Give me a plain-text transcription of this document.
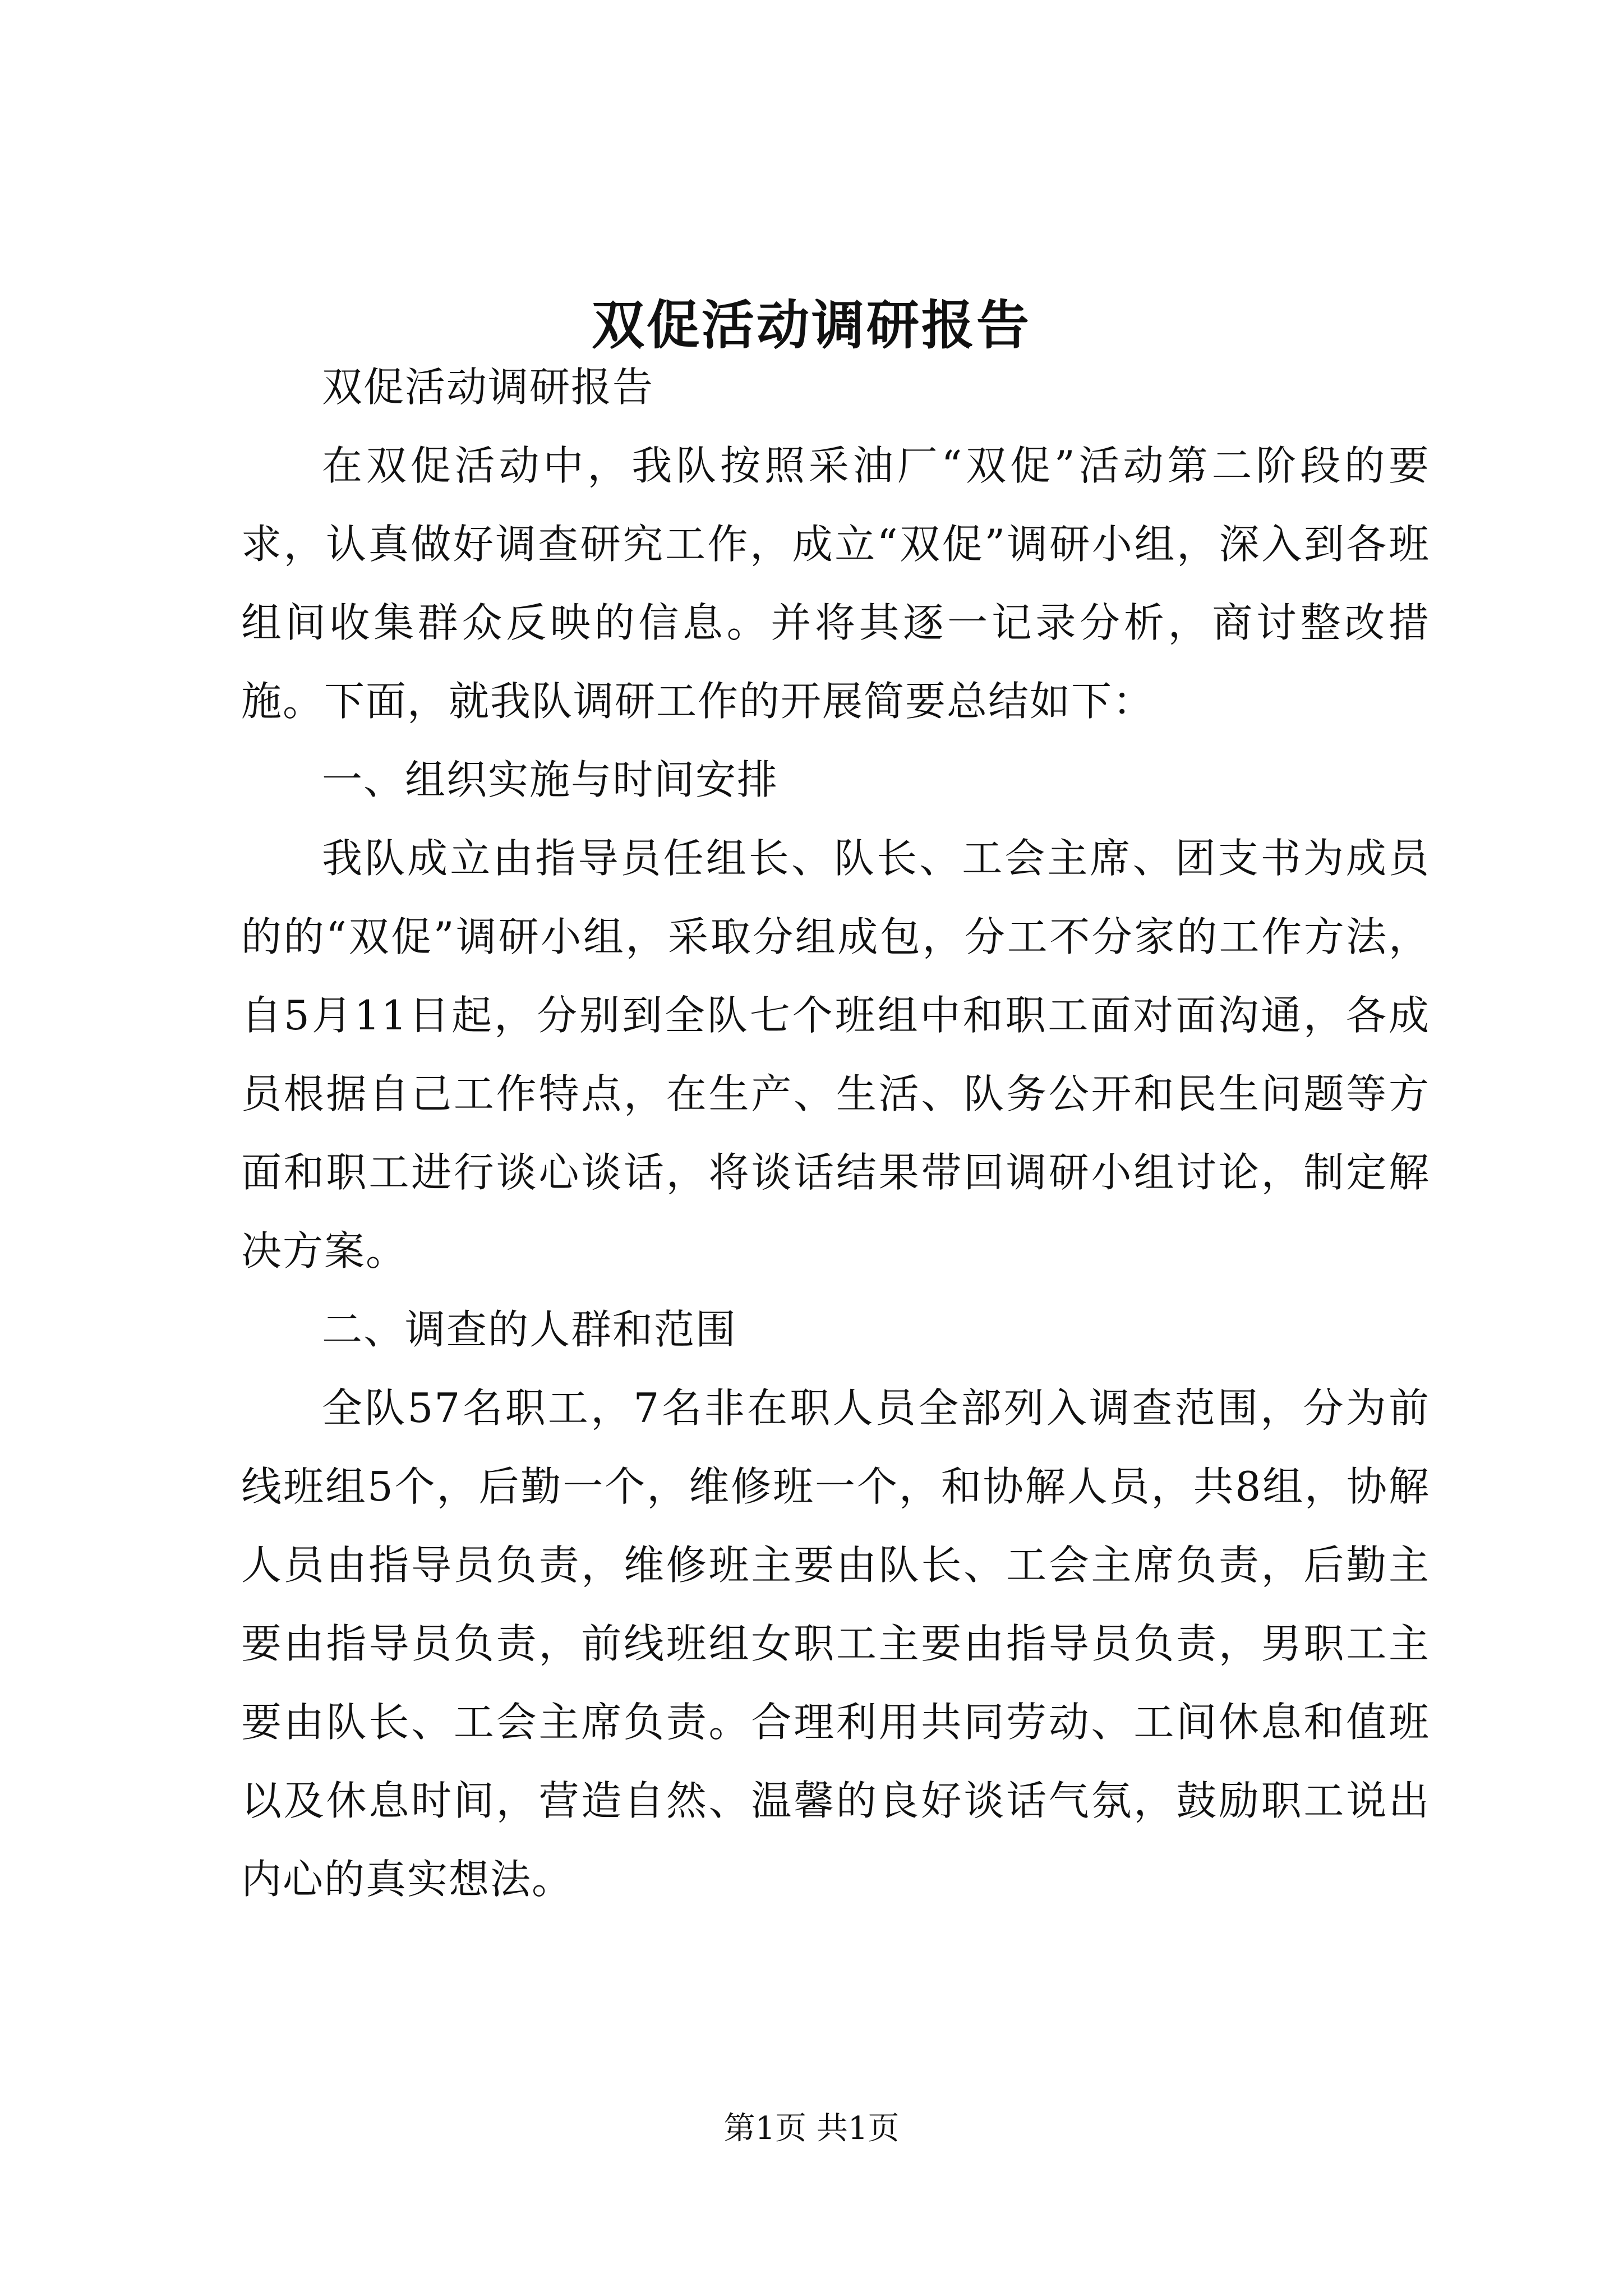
双促活动调研报告

双促活动调研报告

在双促活动中，我队按照采油厂“双促”活动第二阶段的要求，认真做好调查研究工作，成立“双促”调研小组，深入到各班组间收集群众反映的信息。并将其逐一记录分析，商讨整改措施。下面，就我队调研工作的开展简要总结如下：

一、组织实施与时间安排

我队成立由指导员任组长、队长、工会主席、团支书为成员的的“双促”调研小组，采取分组成包，分工不分家的工作方法，自5月11日起，分别到全队七个班组中和职工面对面沟通，各成员根据自己工作特点，在生产、生活、队务公开和民生问题等方面和职工进行谈心谈话，将谈话结果带回调研小组讨论，制定解决方案。

二、调查的人群和范围

全队57名职工，7名非在职人员全部列入调查范围，分为前线班组5个，后勤一个，维修班一个，和协解人员，共8组，协解人员由指导员负责，维修班主要由队长、工会主席负责，后勤主要由指导员负责，前线班组女职工主要由指导员负责，男职工主要由队长、工会主席负责。合理利用共同劳动、工间休息和值班以及休息时间，营造自然、温馨的良好谈话气氛，鼓励职工说出内心的真实想法。

第1页 共1页
